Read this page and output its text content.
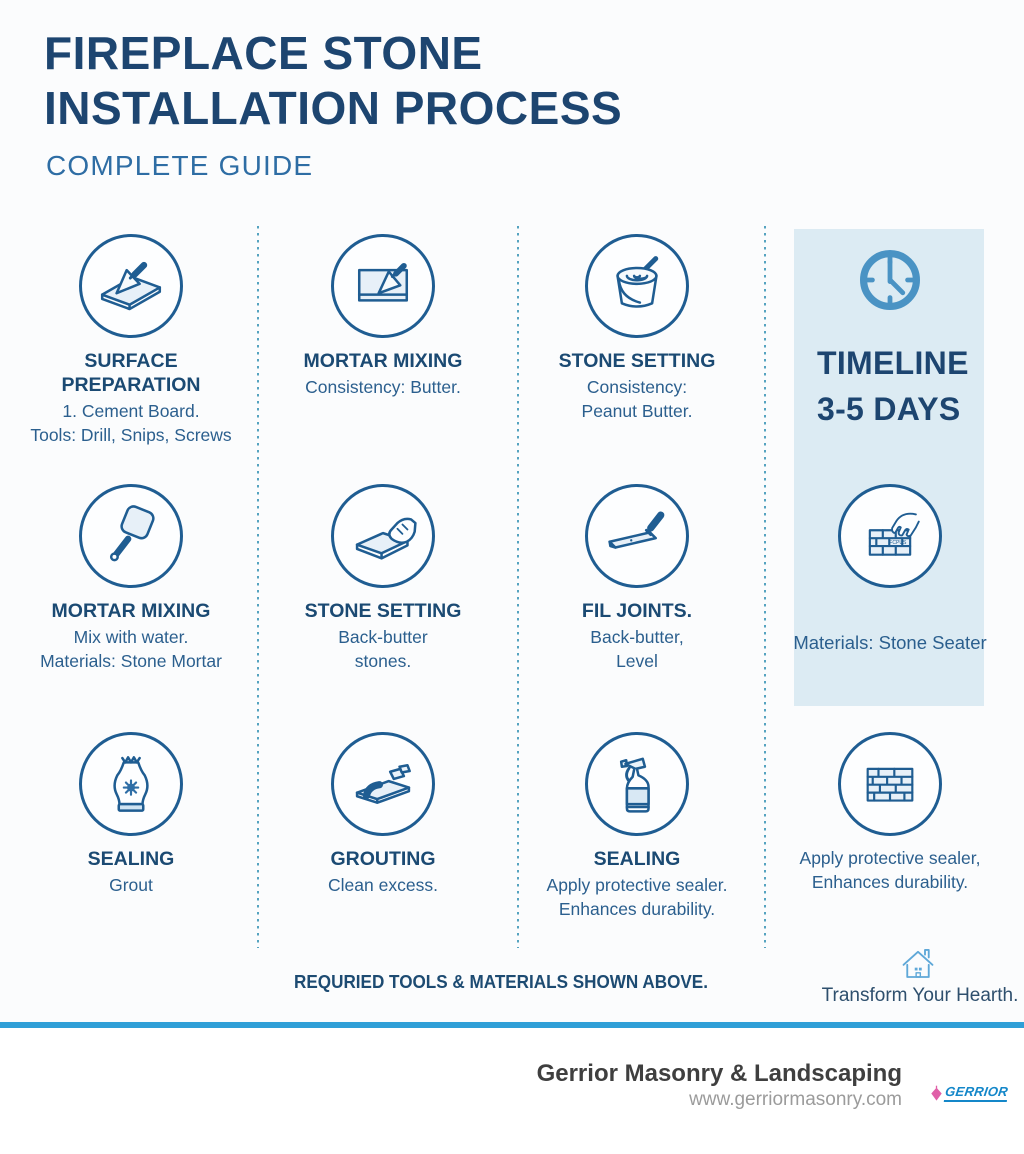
FIREPLACE STONE
INSTALLATION PROCESS
COMPLETE GUIDE
SURFACE PREPARATION
1. Cement Board.
Tools: Drill, Snips, Screws
MORTAR MIXING
Consistency: Butter.
STONE SETTING
Consistency:
Peanut Butter.
TIMELINE
3-5 DAYS
MORTAR MIXING
Mix with water.
Materials: Stone Mortar
STONE SETTING
Back-butter
stones.
FIL JOINTS.
Back-butter,
Level
FCPUS
Materials: Stone Seater
SEALING
Grout
GROUTING
Clean excess.
SEALING
Apply protective sealer.
Enhances durability.
Apply protective sealer,
Enhances durability.
REQURIED TOOLS & MATERIALS SHOWN ABOVE.
Transform Your Hearth.
Gerrior Masonry & Landscaping
www.gerriormasonry.com	GERRIOR
